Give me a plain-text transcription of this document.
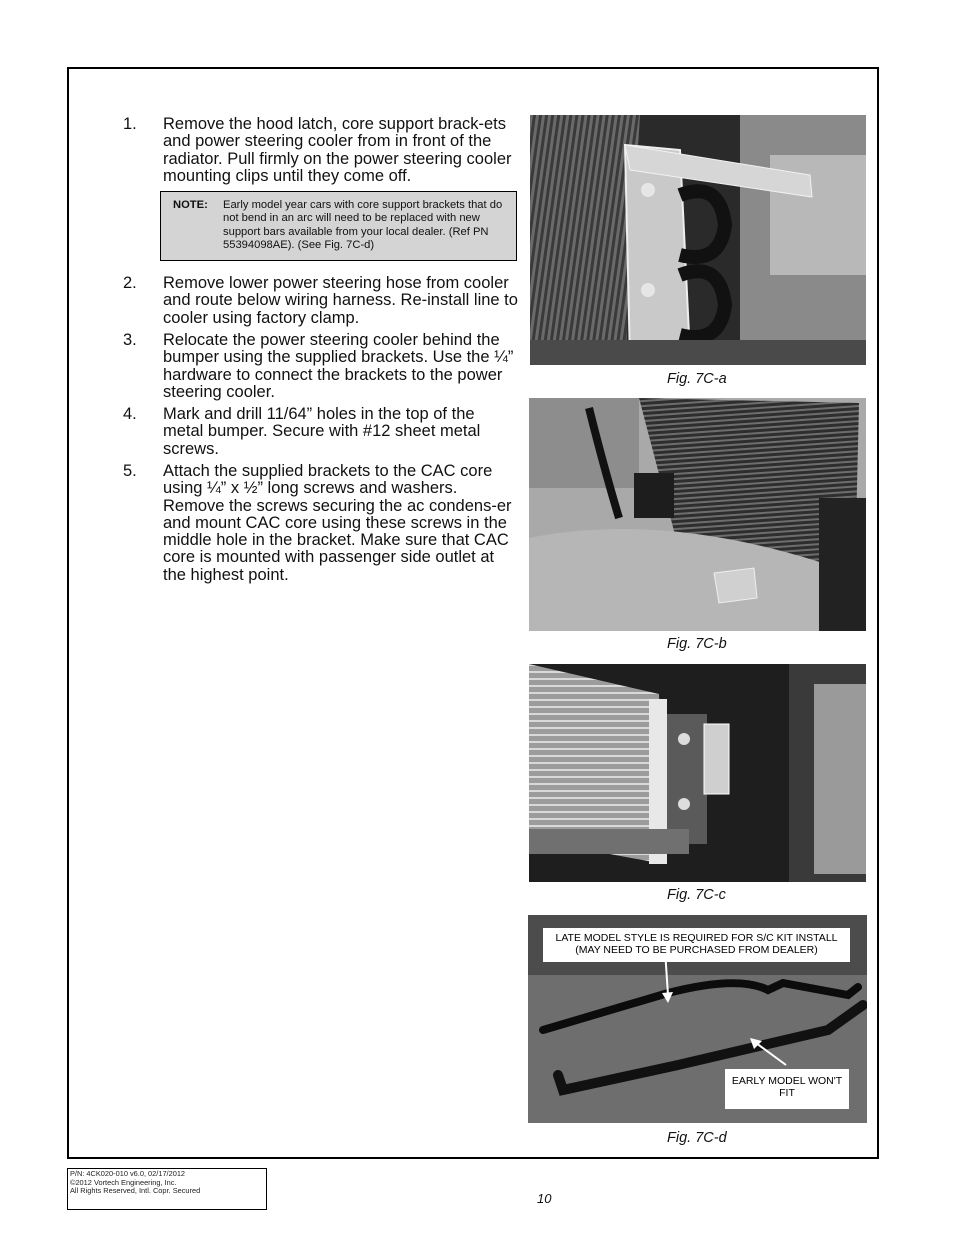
1. Remove the hood latch, core support brack-ets and power steering cooler from in front of the radiator. Pull firmly on the power steering cooler mounting clips until they come off.
NOTE: Early model year cars with core support brackets that do not bend in an arc will need to be replaced with new support bars available from your local dealer. (Ref PN 55394098AE). (See Fig. 7C-d)
2. Remove lower power steering hose from cooler and route below wiring harness. Re-install line to cooler using factory clamp.
3. Relocate the power steering cooler behind the bumper using the supplied brackets. Use the ¼” hardware to connect the brackets to the power steering cooler.
4. Mark and drill 11/64” holes in the top of the metal bumper. Secure with #12 sheet metal screws.
5. Attach the supplied brackets to the CAC core using ¼” x ½” long screws and washers. Remove the screws securing the ac condens-er and mount CAC core using these screws in the middle hole in the bracket. Make sure that CAC core is mounted with passenger side outlet at the highest point.
Fig. 7C-a
Fig. 7C-b
Fig. 7C-c
LATE MODEL STYLE IS REQUIRED FOR S/C KIT INSTALL (MAY NEED TO BE PURCHASED FROM DEALER)
EARLY MODEL WON'T FIT
Fig. 7C-d
P/N: 4CK020-010 v6.0, 02/17/2012
©2012 Vortech Engineering, Inc.
All Rights Reserved, Intl. Copr. Secured
10
